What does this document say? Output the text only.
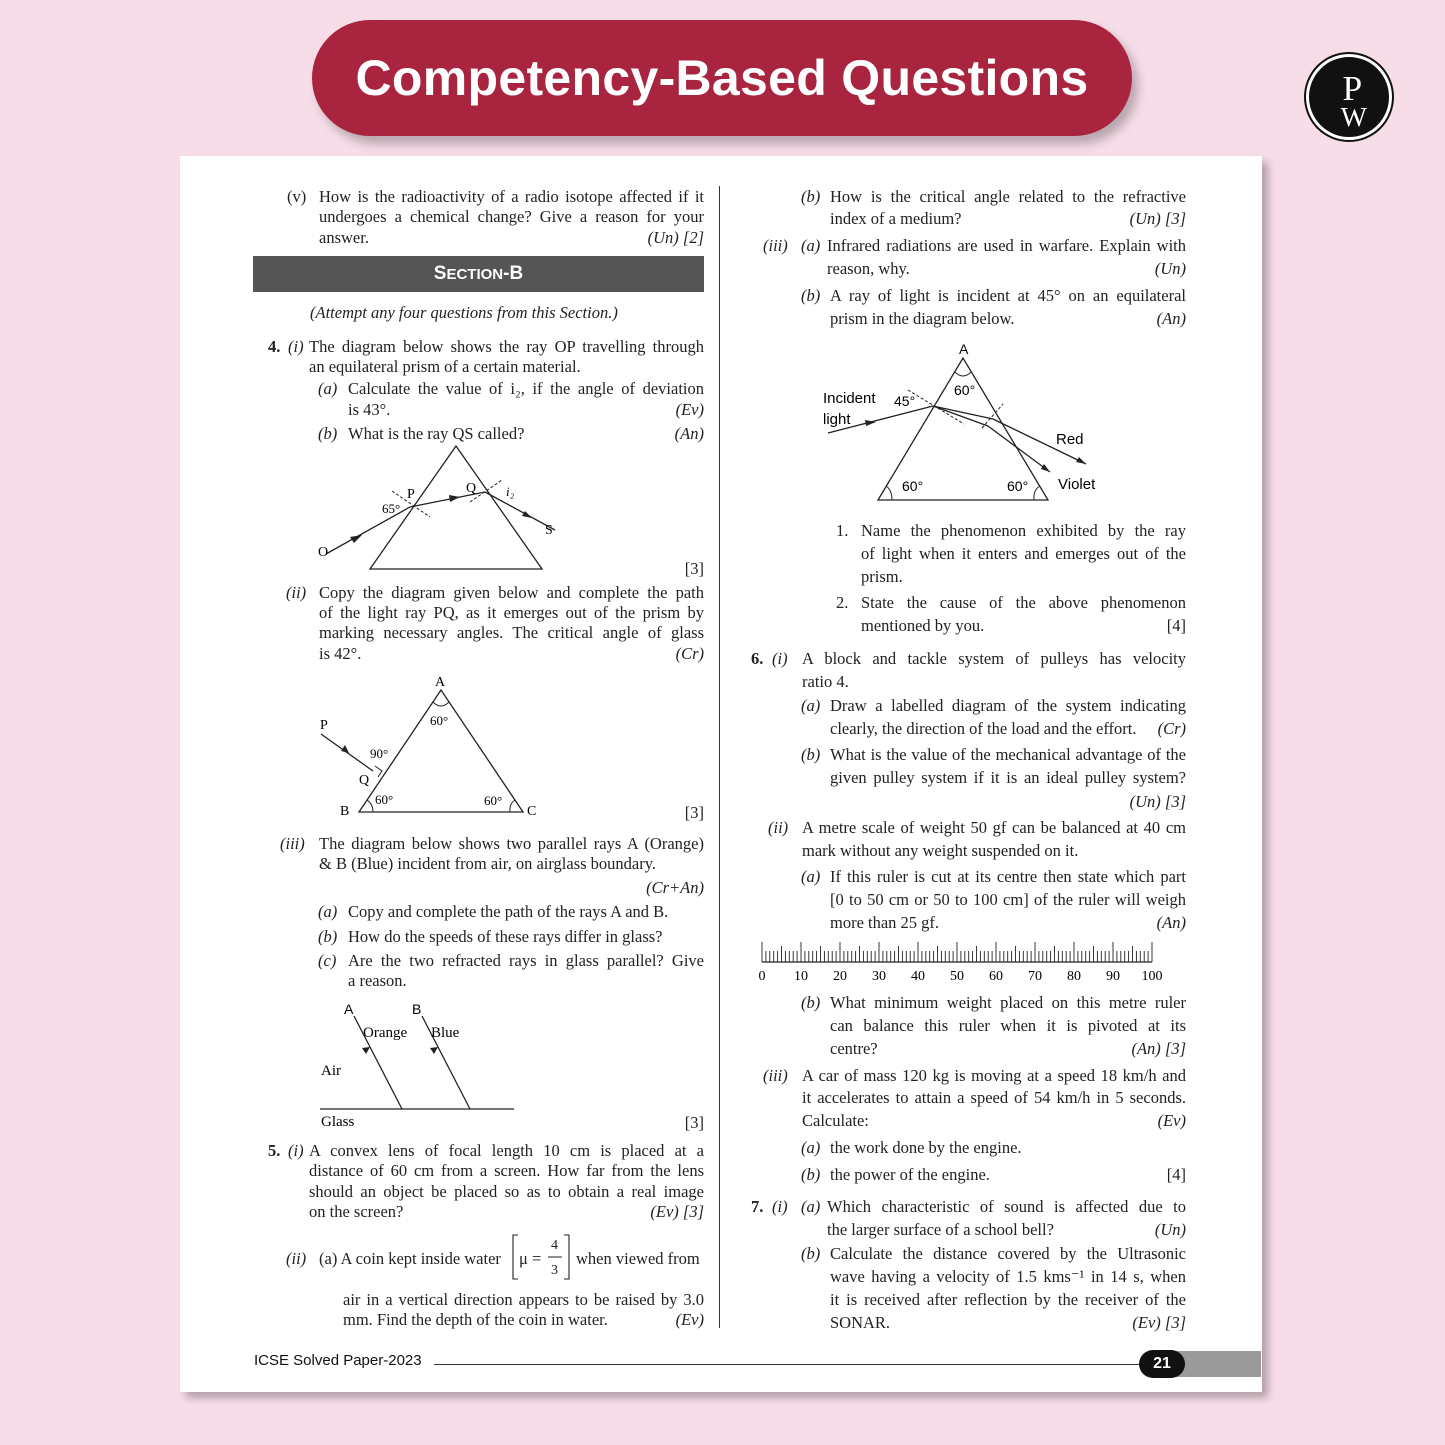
Competency-Based Questions	P
W
(v) How is the radioactivity of a radio isotope affected if it
undergoes a chemical change? Give a reason for your
answer.	(Un) [2]
S ECTION -B
(Attempt any four questions from this Section.)
4. (i) The diagram below shows the ray OP travelling through
an equilateral prism of a certain material.
(a) Calculate the value of i₂, if the angle of deviation
is 43°.	(Ev)
(b) What is the ray QS called?	(An)
65°
P	Q i₂
S
O
[3]
(ii) Copy the diagram given below and complete the path
of the light ray PQ, as it emerges out of the prism by
marking necessary angles. The critical angle of glass
is 42°.	(Cr)
A
60°
P
90°
Q
B
60°	60°
C	[3]
(iii) The diagram below shows two parallel rays A (Orange)
& B (Blue) incident from air, on airglass boundary.
(Cr+An)
(a) Copy and complete the path of the rays A and B.
(b) How do the speeds of these rays differ in glass?
(c) Are the two refracted rays in glass parallel? Give
a reason.
A	B
Orange Blue
Air
Glass	[3]
5. (i) A convex lens of focal length 10 cm is placed at a
distance of 60 cm from a screen. How far from the lens
should an object be placed so as to obtain a real image
on the screen?	(Ev) [3]
(ii) (a) A coin kept inside water μ =
4
3
when viewed from
air in a vertical direction appears to be raised by 3.0
mm. Find the depth of the coin in water.	(Ev)
(b) How is the critical angle related to the refractive
index of a medium?	(Un) [3]
(iii) (a) Infrared radiations are used in warfare. Explain with
reason, why.	(Un)
(b) A ray of light is incident at 45° on an equilateral
prism in the diagram below.	(An)
A
Incident
light
45°
60°
Red
Violet
60°	60°
1. Name the phenomenon exhibited by the ray
of light when it enters and emerges out of the
prism.
2. State the cause of the above phenomenon
mentioned by you.	[4]
6. (i) A block and tackle system of pulleys has velocity
ratio 4.
(a) Draw a labelled diagram of the system indicating
clearly, the direction of the load and the effort.	(Cr)
(b) What is the value of the mechanical advantage of the
given pulley system if it is an ideal pulley system?
(Un) [3]
(ii) A metre scale of weight 50 gf can be balanced at 40 cm
mark without any weight suspended on it.
(a) If this ruler is cut at its centre then state which part
[0 to 50 cm or 50 to 100 cm] of the ruler will weigh
more than 25 gf.	(An)
0 10 20 30 40 50 60 70 80 90 100
(b) What minimum weight placed on this metre ruler
can balance this ruler when it is pivoted at its
centre?	(An) [3]
(iii) A car of mass 120 kg is moving at a speed 18 km/h and
it accelerates to attain a speed of 54 km/h in 5 seconds.
Calculate:	(Ev)
(a) the work done by the engine.
(b) the power of the engine.	[4]
7. (i) (a) Which characteristic of sound is affected due to
the larger surface of a school bell?	(Un)
(b) Calculate the distance covered by the Ultrasonic
wave having a velocity of 1.5 kms⁻¹ in 14 s, when
it is received after reflection by the receiver of the
SONAR.	(Ev) [3]
ICSE Solved Paper-2023	21
